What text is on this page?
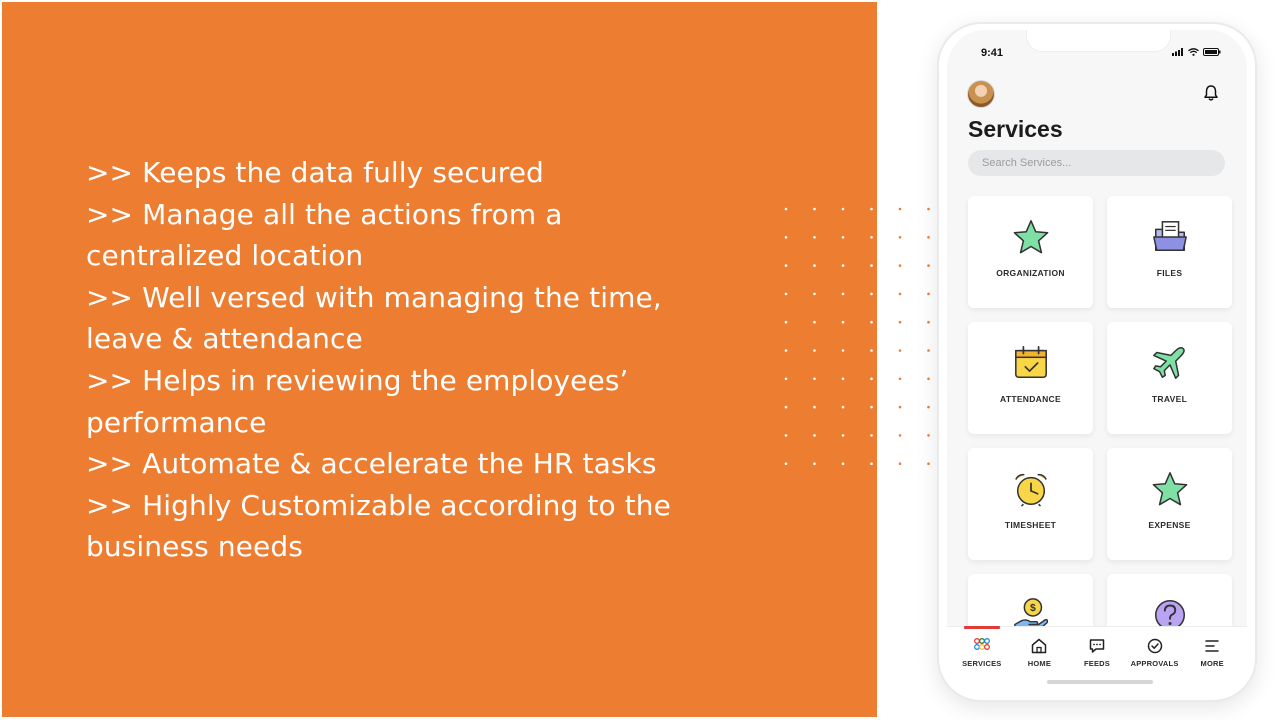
>> Keeps the data fully secured
>> Manage all the actions from a
centralized location
>> Well versed with managing the time,
leave & attendance
>> Helps in reviewing the employees’
performance
>> Automate & accelerate the HR tasks
>> Highly Customizable according to the
business needs
9:41
Services
Search Services...
ORGANIZATION	FILES
ATTENDANCE	TRAVEL
TIMESHEET	EXPENSE
$
SERVICES	HOME	FEEDS	APPROVALS	MORE
